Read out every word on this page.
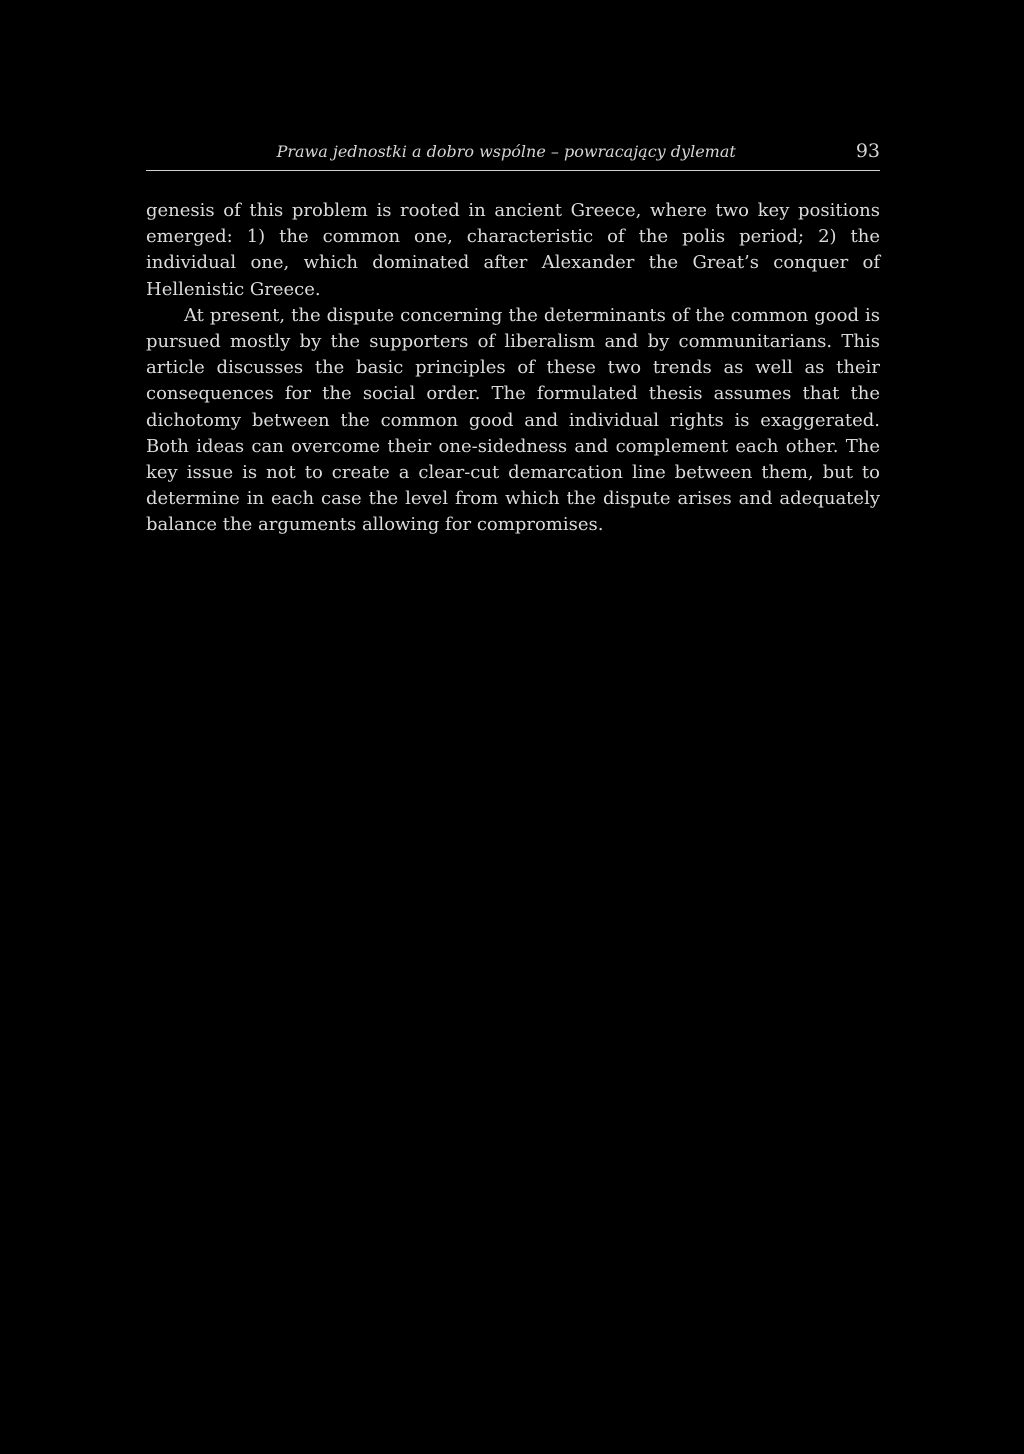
Prawa jednostki a dobro wspólne – powracający dylemat	93

genesis of this problem is rooted in ancient Greece, where two key positions emerged: 1) the common one, characteristic of the polis period; 2) the individual one, which dominated after Alexander the Great’s conquer of Hellenistic Greece.

At present, the dispute concerning the determinants of the common good is pursued mostly by the supporters of liberalism and by communitarians. This article discusses the basic principles of these two trends as well as their consequences for the social order. The formulated thesis assumes that the dichotomy between the common good and individual rights is exaggerated. Both ideas can overcome their one-sidedness and complement each other. The key issue is not to create a clear-cut demarcation line between them, but to determine in each case the level from which the dispute arises and adequately balance the arguments allowing for compromises.
